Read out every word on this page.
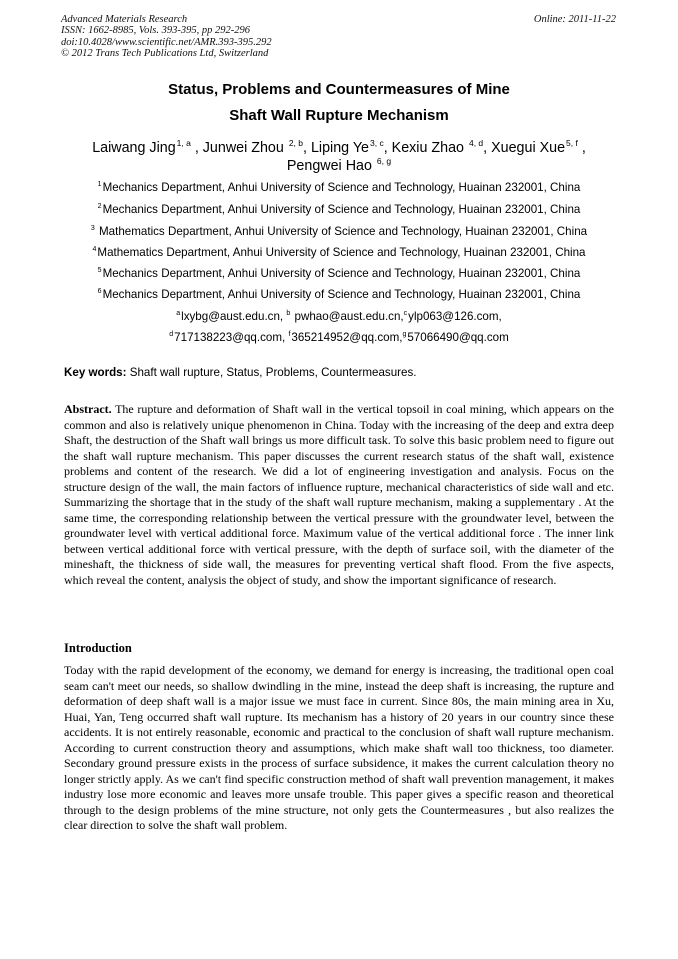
Advanced Materials Research
ISSN: 1662-8985, Vols. 393-395, pp 292-296
doi:10.4028/www.scientific.net/AMR.393-395.292
© 2012 Trans Tech Publications Ltd, Switzerland
Online: 2011-11-22
Status, Problems and Countermeasures of Mine
Shaft Wall Rupture Mechanism
Laiwang Jing$^{1, a}$ , Junwei Zhou $^{2, b}$, Liping Ye$^{3, c}$, Kexiu Zhao $^{4, d}$, Xuegui Xue$^{5, f}$ ,
Pengwei Hao $^{6, g}$
$^1$Mechanics Department, Anhui University of Science and Technology, Huainan 232001, China
$^2$Mechanics Department, Anhui University of Science and Technology, Huainan 232001, China
$^3$ Mathematics Department, Anhui University of Science and Technology, Huainan 232001, China
$^4$Mathematics Department, Anhui University of Science and Technology, Huainan 232001, China
$^5$Mechanics Department, Anhui University of Science and Technology, Huainan 232001, China
$^6$Mechanics Department, Anhui University of Science and Technology, Huainan 232001, China
$^a$lxybg@aust.edu.cn, $^b$ pwhao@aust.edu.cn,$^c$ylp063@126.com,
$^d$717138223@qq.com, $^f$365214952@qq.com,$^g$57066490@qq.com
Key words: Shaft wall rupture, Status, Problems, Countermeasures.
Abstract. The rupture and deformation of Shaft wall in the vertical topsoil in coal mining, which appears on the common and also is relatively unique phenomenon in China. Today with the increasing of the deep and extra deep Shaft, the destruction of the Shaft wall brings us more difficult task. To solve this basic problem need to figure out the shaft wall rupture mechanism. This paper discusses the current research status of the shaft wall, existence problems and content of the research. We did a lot of engineering investigation and analysis. Focus on the structure design of the wall, the main factors of influence rupture, mechanical characteristics of side wall and etc. Summarizing the shortage that in the study of the shaft wall rupture mechanism, making a supplementary . At the same time, the corresponding relationship between the vertical pressure with the groundwater level, between the groundwater level with vertical additional force. Maximum value of the vertical additional force . The inner link between vertical additional force with vertical pressure, with the depth of surface soil, with the diameter of the mineshaft, the thickness of side wall, the measures for preventing vertical shaft flood. From the five aspects, which reveal the content, analysis the object of study, and show the important significance of research.
Introduction
Today with the rapid development of the economy, we demand for energy is increasing, the traditional open coal seam can't meet our needs, so shallow dwindling in the mine, instead the deep shaft is increasing, the rupture and deformation of deep shaft wall is a major issue we must face in current. Since 80s, the main mining area in Xu, Huai, Yan, Teng occurred shaft wall rupture. Its mechanism has a history of 20 years in our country since these accidents. It is not entirely reasonable, economic and practical to the conclusion of shaft wall rupture mechanism. According to current construction theory and assumptions, which make shaft wall too thickness, too diameter. Secondary ground pressure exists in the process of surface subsidence, it makes the current calculation theory no longer strictly apply. As we can't find specific construction method of shaft wall prevention management, it makes industry lose more economic and leaves more unsafe trouble. This paper gives a specific reason and theoretical through to the design problems of the mine structure, not only gets the Countermeasures , but also realizes the clear direction to solve the shaft wall problem.
